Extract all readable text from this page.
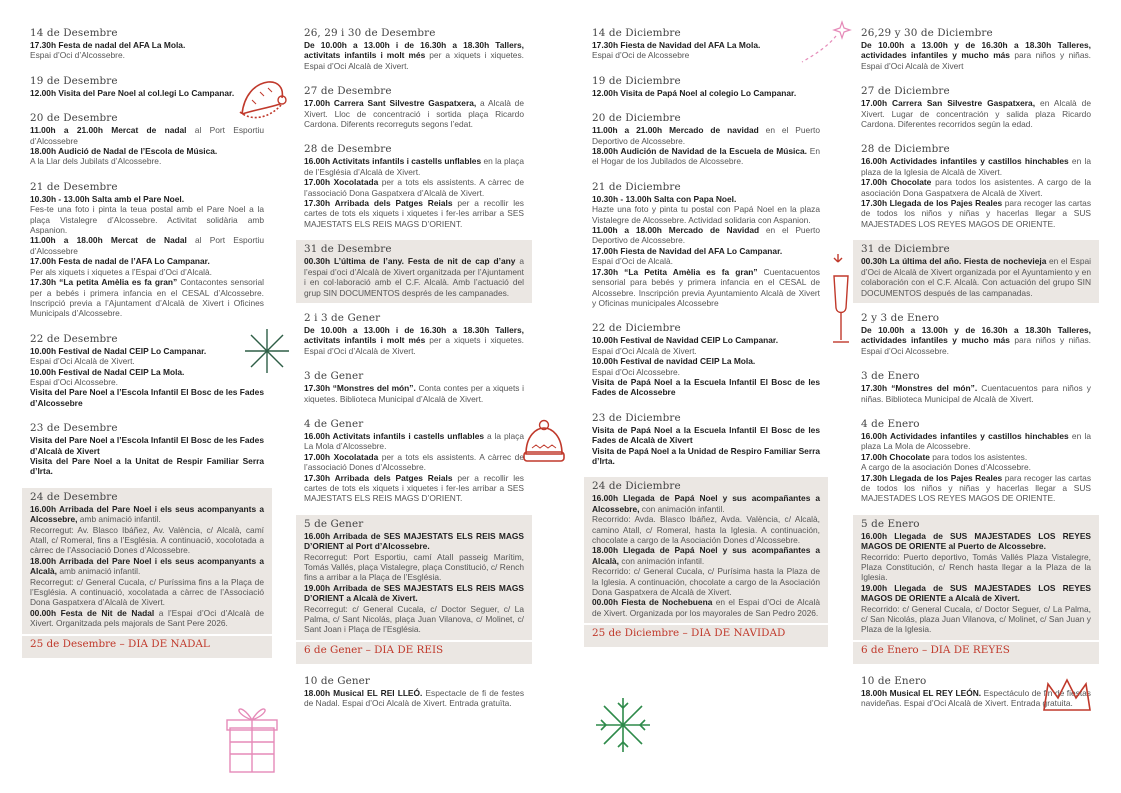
14 de Desembre

17.30h Festa de nadal del AFA La Mola.

Espai d’Oci d’Alcossebre.

19 de Desembre

12.00h Visita del Pare Noel al col.legi Lo Campanar.

20 de Desembre

11.00h a 21.00h Mercat de nadal al Port Esportiu d’Alcossebre

18.00h Audició de Nadal de l’Escola de Música.

A la Llar dels Jubilats d’Alcossebre.

21 de Desembre

10.30h - 13.00h Salta amb el Pare Noel.

Fes-te una foto i pinta la teua postal amb el Pare Noel a la plaça Vistalegre d’Alcossebre. Activitat solidària amb Aspanion.

11.00h a 18.00h Mercat de Nadal al Port Esportiu d’Alcossebre

17.00h Festa de nadal de l’AFA Lo Campanar.

Per als xiquets i xiquetes a l’Espai d’Oci d’Alcalà.

17.30h “La petita Amèlia es fa gran” Contacontes sensorial per a bebés i primera infancia en el CESAL d’Alcossebre. Inscripció previa a l’Ajuntament d’Alcalà de Xivert i Oficines Municipals d’Alcossebre.

22 de Desembre

10.00h Festival de Nadal CEIP Lo Campanar.

Espai d’Oci Alcalà de Xivert.

10.00h Festival de Nadal CEIP La Mola.

Espai d’Oci Alcossebre.

Visita del Pare Noel a l’Escola Infantil El Bosc de les Fades d’Alcossebre

23 de Desembre

Visita del Pare Noel a l’Escola Infantil El Bosc de les Fades d’Alcalà de Xivert

Visita del Pare Noel a la Unitat de Respir Familiar Serra d’Irta.

24 de Desembre

16.00h Arribada del Pare Noel i els seus acompanyants a Alcossebre, amb animació infantil.

Recorregut: Av. Blasco Ibáñez, Av. València, c/ Alcalà, camí Atall, c/ Romeral, fins a l’Església. A continuació, xocolotada a càrrec de l’Associació Dones d’Alcossebre.

18.00h Arribada del Pare Noel i els seus acompanyants a Alcalà, amb animació infantil.

Recorregut: c/ General Cucala, c/ Puríssima fins a la Plaça de l’Església. A continuació, xocolatada a càrrec de l’Associació Dona Gaspatxera d’Alcalà de Xivert.

00.00h Festa de Nit de Nadal a l’Espai d’Oci d’Alcalà de Xivert. Organitzada pels majorals de Sant Pere 2026.

25 de Desembre – DIA DE NADAL
26, 29 i 30 de Desembre

De 10.00h a 13.00h i de 16.30h a 18.30h Tallers, activitats infantils i molt més per a xiquets i xiquetes. Espai d’Oci Alcalà de Xivert.

27 de Desembre

17.00h Carrera Sant Silvestre Gaspatxera, a Alcalà de Xivert. Lloc de concentració i sortida plaça Ricardo Cardona. Diferents recorreguts segons l’edat.

28 de Desembre

16.00h Activitats infantils i castells unflables en la plaça de l’Església d’Alcalà de Xivert.

17.00h Xocolatada per a tots els assistents. A càrrec de l’associació Dona Gaspatxera d’Alcalà de Xivert.

17.30h Arribada dels Patges Reials per a recollir les cartes de tots els xiquets i xiquetes i fer-les arribar a SES MAJESTATS ELS REIS MAGS D’ORIENT.

31 de Desembre

00.30h L’última de l’any. Festa de nit de cap d’any a l’espai d’oci d’Alcalà de Xivert organitzada per l’Ajuntament i en col·laboració amb el C.F. Alcalà. Amb l’actuació del grup SIN DOCUMENTOS després de les campanades.

2 i 3 de Gener

De 10.00h a 13.00h i de 16.30h a 18.30h Tallers, activitats infantils i molt més per a xiquets i xiquetes. Espai d’Oci d’Alcalà de Xivert.

3 de Gener

17.30h “Monstres del món”. Conta contes per a xiquets i xiquetes. Biblioteca Municipal d’Alcalà de Xivert.

4 de Gener

16.00h Activitats infantils i castells unflables a la plaça La Mola d’Alcossebre.

17.00h Xocolatada per a tots els assistents. A càrrec de l’associació Dones d’Alcossebre.

17.30h Arribada dels Patges Reials per a recollir les cartes de tots els xiquets i xiquetes i fer-les arribar a SES MAJESTATS ELS REIS MAGS D’ORIENT.

5 de Gener

16.00h Arribada de SES MAJESTATS ELS REIS MAGS D’ORIENT al Port d’Alcossebre.

Recorregut: Port Esportiu, camí Atall passeig Marítim, Tomás Vallés, plaça Vistalegre, plaça Constitució, c/ Rench fins a arribar a la Plaça de l’Església.

19.00h Arribada de SES MAJESTATS ELS REIS MAGS D’ORIENT a Alcalà de Xivert.

Recorregut: c/ General Cucala, c/ Doctor Seguer, c/ La Palma, c/ Sant Nicolás, plaça Juan Vilanova, c/ Molinet, c/ Sant Joan i Plaça de l’Església.

6 de Gener – DIA DE REIS
10 de Gener

18.00h Musical EL REI LLEÓ. Espectacle de fi de festes de Nadal. Espai d’Oci Alcalà de Xivert. Entrada gratuïta.

14 de Diciembre

17.30h Fiesta de Navidad del AFA La Mola.

Espai d’Oci de Alcossebre

19 de Diciembre

12.00h Visita de Papá Noel al colegio Lo Campanar.

20 de Diciembre

11.00h a 21.00h Mercado de navidad en el Puerto Deportivo de Alcossebre.

18.00h Audición de Navidad de la Escuela de Música. En el Hogar de los Jubilados de Alcossebre.

21 de Diciembre

10.30h - 13.00h Salta con Papa Noel.

Hazte una foto y pinta tu postal con Papá Noel en la plaza Vistalegre de Alcossebre. Actividad solidaria con Aspanion.

11.00h a 18.00h Mercado de Navidad en el Puerto Deportivo de Alcossebre.

17.00h Fiesta de Navidad del AFA Lo Campanar.

Espai d’Oci de Alcalà.

17.30h “La Petita Amèlia es fa gran” Cuentacuentos sensorial para bebés y primera infancia en el CESAL de Alcossebre. Inscripción previa Ayuntamiento Alcalà de Xivert y Oficinas municipales Alcossebre

22 de Diciembre

10.00h Festival de Navidad CEIP Lo Campanar.

Espai d’Oci Alcalà de Xivert.

10.00h Festival de navidad CEIP La Mola.

Espai d’Oci Alcossebre.

Visita de Papá Noel a la Escuela Infantil El Bosc de les Fades de Alcossebre

23 de Diciembre

Visita de Papá Noel a la Escuela Infantil El Bosc de les Fades de Alcalà de Xivert

Visita de Papá Noel a la Unidad de Respiro Familiar Serra d’Irta.

24 de Diciembre

16.00h Llegada de Papá Noel y sus acompañantes a Alcossebre, con animación infantil.

Recorrido: Avda. Blasco Ibáñez, Avda. València, c/ Alcalà, camino Atall, c/ Romeral, hasta la Iglesia. A continuación, chocolate a cargo de la Asociación Dones d’Alcossebre.

18.00h Llegada de Papá Noel y sus acompañantes a Alcalà, con animación infantil.

Recorrido: c/ General Cucala, c/ Purísima hasta la Plaza de la Iglesia. A continuación, chocolate a cargo de la Asociación Dona Gaspatxera de Alcalà de Xivert.

00.00h Fiesta de Nochebuena en el Espai d’Oci de Alcalà de Xivert. Organizada por los mayorales de San Pedro 2026.

25 de Diciembre – DIA DE NAVIDAD
26,29 y 30 de Diciembre

De 10.00h a 13.00h y de 16.30h a 18.30h Talleres, actividades infantiles y mucho más para niños y niñas. Espai d’Oci Alcalà de Xivert

27 de Diciembre

17.00h Carrera San Silvestre Gaspatxera, en Alcalà de Xivert. Lugar de concentración y salida plaza Ricardo Cardona. Diferentes recorridos según la edad.

28 de Diciembre

16.00h Actividades infantiles y castillos hinchables en la plaza de la Iglesia de Alcalà de Xivert.

17.00h Chocolate para todos los asistentes. A cargo de la asociación Dona Gaspatxera de Alcalà de Xivert.

17.30h Llegada de los Pajes Reales para recoger las cartas de todos los niños y niñas y hacerlas llegar a SUS MAJESTADES LOS REYES MAGOS DE ORIENTE.

31 de Diciembre

00.30h La última del año. Fiesta de nochevieja en el Espai d’Oci de Alcalà de Xivert organizada por el Ayuntamiento y en colaboración con el C.F. Alcalà. Con actuación del grupo SIN DOCUMENTOS después de las campanadas.

2 y 3 de Enero

De 10.00h a 13.00h y de 16.30h a 18.30h Talleres, actividades infantiles y mucho más para niños y niñas. Espai d’Oci Alcossebre.

3 de Enero

17.30h “Monstres del món”. Cuentacuentos para niños y niñas. Biblioteca Municipal de Alcalà de Xivert.

4 de Enero

16.00h Actividades infantiles y castillos hinchables en la plaza La Mola de Alcossebre.

17.00h Chocolate para todos los asistentes.

A cargo de la asociación Dones d’Alcossebre.

17.30h Llegada de los Pajes Reales para recoger las cartas de todos los niños y niñas y hacerlas llegar a SUS MAJESTADES LOS REYES MAGOS DE ORIENTE.

5 de Enero

16.00h Llegada de SUS MAJESTADES LOS REYES MAGOS DE ORIENTE al Puerto de Alcossebre.

Recorrido: Puerto deportivo, Tomás Vallés Plaza Vistalegre, Plaza Constitución, c/ Rench hasta llegar a la Plaza de la Iglesia.

19.00h Llegada de SUS MAJESTADES LOS REYES MAGOS DE ORIENTE a Alcalà de Xivert.

Recorrido: c/ General Cucala, c/ Doctor Seguer, c/ La Palma, c/ San Nicolás, plaza Juan Vilanova, c/ Molinet, c/ San Juan y Plaza de la Iglesia.

6 de Enero – DIA DE REYES
10 de Enero

18.00h Musical EL REY LEÓN. Espectáculo de fin de fiestas navideñas. Espai d’Oci Alcalà de Xivert. Entrada gratuita.
